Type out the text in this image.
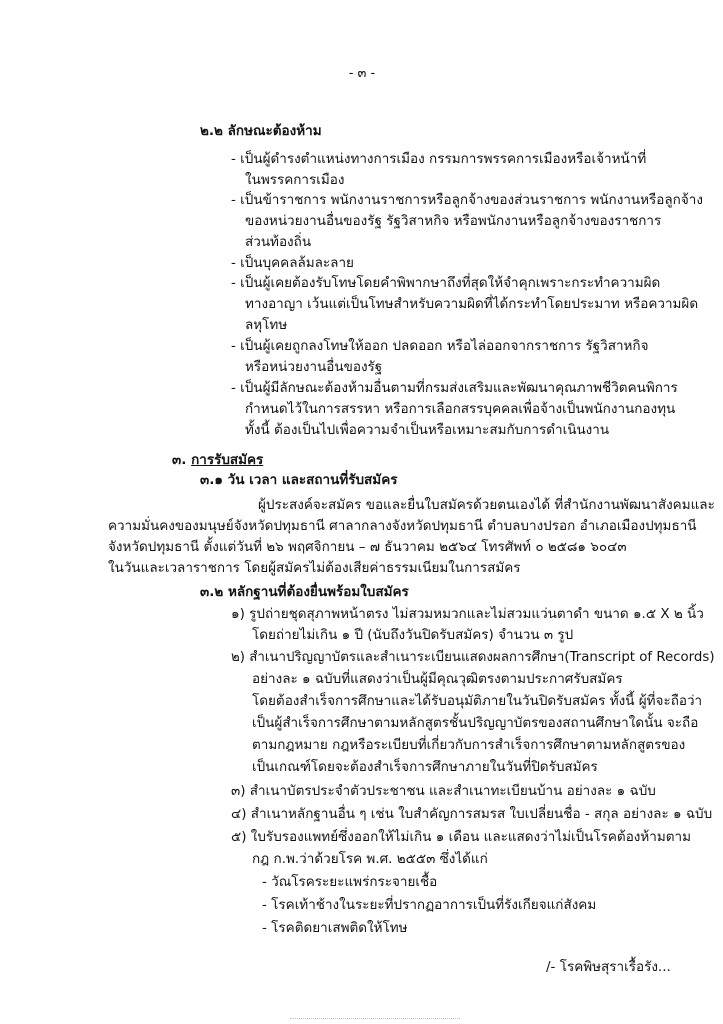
- ๓ -
๒.๒ ลักษณะต้องห้าม
- เป็นผู้ดำรงตำแหน่งทางการเมือง กรรมการพรรคการเมืองหรือเจ้าหน้าที่
ในพรรคการเมือง
- เป็นข้าราชการ พนักงานราชการหรือลูกจ้างของส่วนราชการ พนักงานหรือลูกจ้าง
ของหน่วยงานอื่นของรัฐ รัฐวิสาหกิจ หรือพนักงานหรือลูกจ้างของราชการ
ส่วนท้องถิ่น
- เป็นบุคคลล้มละลาย
- เป็นผู้เคยต้องรับโทษโดยคำพิพากษาถึงที่สุดให้จำคุกเพราะกระทำความผิด
ทางอาญา เว้นแต่เป็นโทษสำหรับความผิดที่ได้กระทำโดยประมาท หรือความผิด
ลหุโทษ
- เป็นผู้เคยถูกลงโทษให้ออก ปลดออก หรือไล่ออกจากราชการ รัฐวิสาหกิจ
หรือหน่วยงานอื่นของรัฐ
- เป็นผู้มีลักษณะต้องห้ามอื่นตามที่กรมส่งเสริมและพัฒนาคุณภาพชีวิตคนพิการ
กำหนดไว้ในการสรรหา หรือการเลือกสรรบุคคลเพื่อจ้างเป็นพนักงานกองทุน
ทั้งนี้ ต้องเป็นไปเพื่อความจำเป็นหรือเหมาะสมกับการดำเนินงาน
๓. การรับสมัคร
๓.๑ วัน เวลา และสถานที่รับสมัคร
ผู้ประสงค์จะสมัคร ขอและยื่นใบสมัครด้วยตนเองได้ ที่สำนักงานพัฒนาสังคมและ
ความมั่นคงของมนุษย์จังหวัดปทุมธานี ศาลากลางจังหวัดปทุมธานี ตำบลบางปรอก อำเภอเมืองปทุมธานี
จังหวัดปทุมธานี ตั้งแต่วันที่ ๒๖ พฤศจิกายน – ๗ ธันวาคม ๒๕๖๔ โทรศัพท์ ๐ ๒๕๘๑ ๖๐๔๓
ในวันและเวลาราชการ โดยผู้สมัครไม่ต้องเสียค่าธรรมเนียมในการสมัคร
๓.๒ หลักฐานที่ต้องยื่นพร้อมใบสมัคร
๑) รูปถ่ายชุดสุภาพหน้าตรง ไม่สวมหมวกและไม่สวมแว่นตาดำ ขนาด ๑.๕ X ๒ นิ้ว
โดยถ่ายไม่เกิน ๑ ปี (นับถึงวันปิดรับสมัคร) จำนวน ๓ รูป
๒) สำเนาปริญญาบัตรและสำเนาระเบียนแสดงผลการศึกษา(Transcript of Records)
อย่างละ ๑ ฉบับที่แสดงว่าเป็นผู้มีคุณวุฒิตรงตามประกาศรับสมัคร
โดยต้องสำเร็จการศึกษาและได้รับอนุมัติภายในวันปิดรับสมัคร ทั้งนี้ ผู้ที่จะถือว่า
เป็นผู้สำเร็จการศึกษาตามหลักสูตรชั้นปริญญาบัตรของสถานศึกษาใดนั้น จะถือ
ตามกฎหมาย กฎหรือระเบียบที่เกี่ยวกับการสำเร็จการศึกษาตามหลักสูตรของ
เป็นเกณฑ์โดยจะต้องสำเร็จการศึกษาภายในวันที่ปิดรับสมัคร
๓) สำเนาบัตรประจำตัวประชาชน และสำเนาทะเบียนบ้าน อย่างละ ๑ ฉบับ
๔) สำเนาหลักฐานอื่น ๆ เช่น ใบสำคัญการสมรส ใบเปลี่ยนชื่อ - สกุล อย่างละ ๑ ฉบับ
๕) ใบรับรองแพทย์ซึ่งออกให้ไม่เกิน ๑ เดือน และแสดงว่าไม่เป็นโรคต้องห้ามตาม
กฎ ก.พ.ว่าด้วยโรค พ.ศ. ๒๕๕๓ ซึ่งได้แก่
- วัณโรคระยะแพร่กระจายเชื้อ
- โรคเท้าช้างในระยะที่ปรากฏอาการเป็นที่รังเกียจแก่สังคม
- โรคติดยาเสพติดให้โทษ
/- โรคพิษสุราเรื้อรัง...
